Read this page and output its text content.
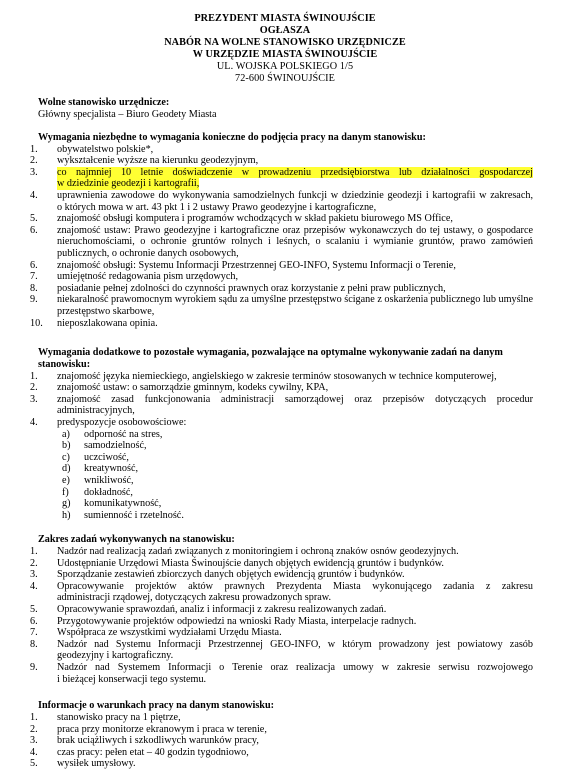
PREZYDENT MIASTA ŚWINOUJŚCIE
OGŁASZA
NABÓR NA WOLNE STANOWISKO URZĘDNICZE
W URZĘDZIE MIASTA ŚWINOUJŚCIE
UL. WOJSKA POLSKIEGO 1/5
72-600 ŚWINOUJŚCIE
Wolne stanowisko urzędnicze:
Główny specjalista – Biuro Geodety Miasta
Wymagania niezbędne to wymagania konieczne do podjęcia pracy na danym stanowisku:
1. obywatelstwo polskie*,
2. wykształcenie wyższe na kierunku geodezyjnym,
3. co najmniej 10 letnie doświadczenie w prowadzeniu przedsiębiorstwa lub działalności gospodarczej
w dziedzinie geodezji i kartografii,
4. uprawnienia zawodowe do wykonywania samodzielnych funkcji w dziedzinie geodezji i kartografii w zakresach,
o których mowa w art. 43 pkt 1 i 2 ustawy Prawo geodezyjne i kartograficzne,
5. znajomość obsługi komputera i programów wchodzących w skład pakietu biurowego MS Office,
6. znajomość ustaw: Prawo geodezyjne i kartograficzne oraz przepisów wykonawczych do tej ustawy, o gospodarce
nieruchomościami, o ochronie gruntów rolnych i leśnych, o scalaniu i wymianie gruntów, prawo zamówień
publicznych, o ochronie danych osobowych,
6. znajomość obsługi: Systemu Informacji Przestrzennej GEO-INFO, Systemu Informacji o Terenie,
7. umiejętność redagowania pism urzędowych,
8. posiadanie pełnej zdolności do czynności prawnych oraz korzystanie z pełni praw publicznych,
9. niekaralność prawomocnym wyrokiem sądu za umyślne przestępstwo ścigane z oskarżenia publicznego lub umyślne
przestępstwo skarbowe,
10. nieposzlakowana opinia.
Wymagania dodatkowe to pozostałe wymagania, pozwalające na optymalne wykonywanie zadań na danym
stanowisku:
1. znajomość języka niemieckiego, angielskiego w zakresie terminów stosowanych w technice komputerowej,
2. znajomość ustaw: o samorządzie gminnym, kodeks cywilny, KPA,
3. znajomość zasad funkcjonowania administracji samorządowej oraz przepisów dotyczących procedur
administracyjnych,
4. predyspozycje osobowościowe:
a) odporność na stres,
b) samodzielność,
c) uczciwość,
d) kreatywność,
e) wnikliwość,
f) dokładność,
g) komunikatywność,
h) sumienność i rzetelność.
Zakres zadań wykonywanych na stanowisku:
1. Nadzór nad realizacją zadań związanych z monitoringiem i ochroną znaków osnów geodezyjnych.
2. Udostępnianie Urzędowi Miasta Świnoujście danych objętych ewidencją gruntów i budynków.
3. Sporządzanie zestawień zbiorczych danych objętych ewidencją gruntów i budynków.
4. Opracowywanie projektów aktów prawnych Prezydenta Miasta wykonującego zadania z zakresu
administracji rządowej, dotyczących zakresu prowadzonych spraw.
5. Opracowywanie sprawozdań, analiz i informacji z zakresu realizowanych zadań.
6. Przygotowywanie projektów odpowiedzi na wnioski Rady Miasta, interpelacje radnych.
7. Współpraca ze wszystkimi wydziałami Urzędu Miasta.
8. Nadzór nad Systemu Informacji Przestrzennej GEO-INFO, w którym prowadzony jest powiatowy zasób
geodezyjny i kartograficzny.
9. Nadzór nad Systemem Informacji o Terenie oraz realizacja umowy w zakresie serwisu rozwojowego
i bieżącej konserwacji tego systemu.
Informacje o warunkach pracy na danym stanowisku:
1. stanowisko pracy na 1 piętrze,
2. praca przy monitorze ekranowym i praca w terenie,
3. brak uciążliwych i szkodliwych warunków pracy,
4. czas pracy: pełen etat – 40 godzin tygodniowo,
5. wysiłek umysłowy.
